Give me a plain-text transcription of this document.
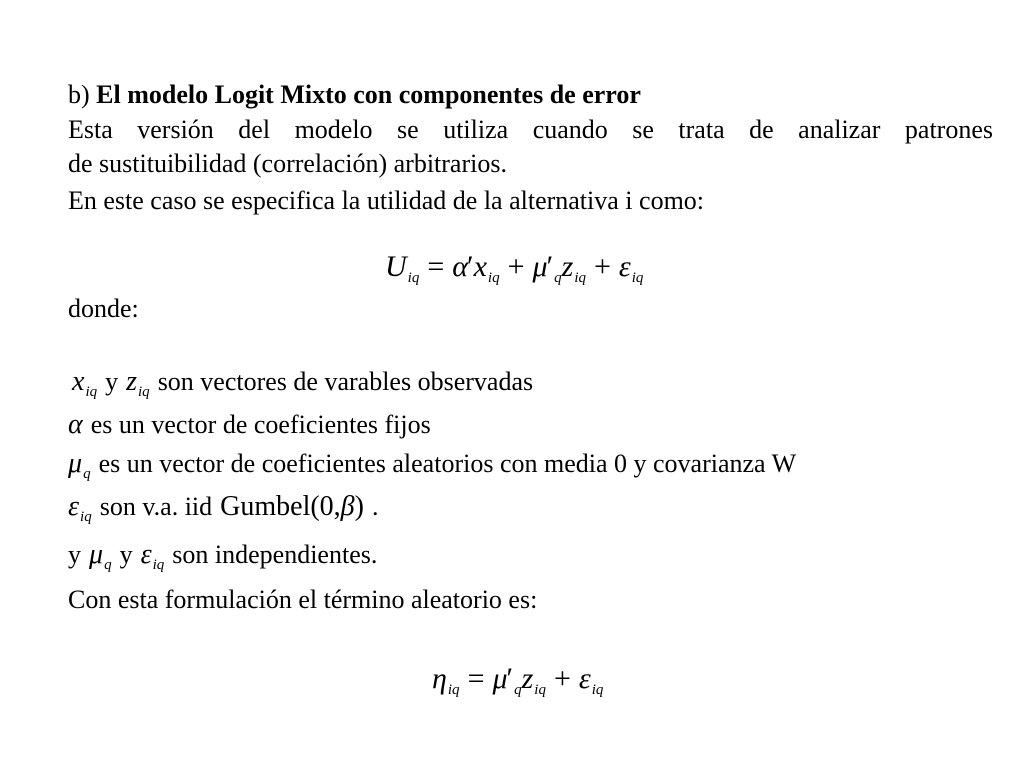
b) El modelo Logit Mixto con componentes de error
Esta versión del modelo se utiliza cuando se trata de analizar patrones
de sustituibilidad (correlación) arbitrarios.
En este caso se especifica la utilidad de la alternativa i como:
$U_{iq} = \alpha'x_{iq} + \mu'_qz_{iq} + \varepsilon_{iq}$
donde:
$x_{iq}$ y $z_{iq}$ son vectores de varables observadas
α es un vector de coeficientes fijos
$\mu_q$ es un vector de coeficientes aleatorios con media 0 y covarianza W
$\varepsilon_{iq}$ son v.a. iid Gumbel(0,β) .
y $\mu_q$ y $\varepsilon_{iq}$ son independientes.
Con esta formulación el término aleatorio es:
$\eta_{iq} = \mu'_qz_{iq} + \varepsilon_{iq}$
